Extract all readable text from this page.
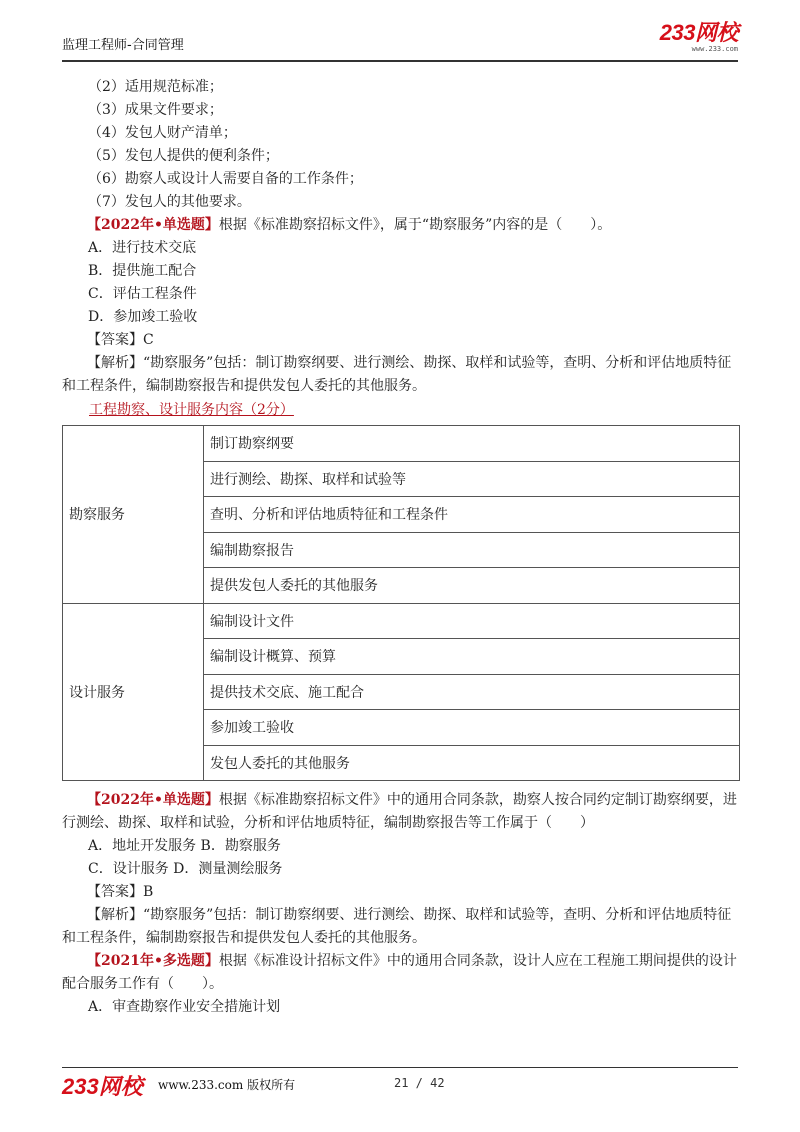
监理工程师-合同管理
233网校
www.233.com
（2）适用规范标准；
（3）成果文件要求；
（4）发包人财产清单；
（5）发包人提供的便利条件；
（6）勘察人或设计人需要自备的工作条件；
（7）发包人的其他要求。
【2022年•单选题】根据《标准勘察招标文件》，属于“勘察服务”内容的是（　　）。
A．进行技术交底
B．提供施工配合
C．评估工程条件
D．参加竣工验收
【答案】C
【解析】“勘察服务”包括：制订勘察纲要、进行测绘、勘探、取样和试验等，查明、分析和评估地质特征和工程条件，编制勘察报告和提供发包人委托的其他服务。
工程勘察、设计服务内容（2分）
勘察服务	制订勘察纲要
	进行测绘、勘探、取样和试验等
	查明、分析和评估地质特征和工程条件
	编制勘察报告
	提供发包人委托的其他服务
设计服务	编制设计文件
	编制设计概算、预算
	提供技术交底、施工配合
	参加竣工验收
	发包人委托的其他服务
【2022年•单选题】根据《标准勘察招标文件》中的通用合同条款，勘察人按合同约定制订勘察纲要，进行测绘、勘探、取样和试验，分析和评估地质特征，编制勘察报告等工作属于（　　）
A．地址开发服务 B．勘察服务
C．设计服务 D．测量测绘服务
【答案】B
【解析】“勘察服务”包括：制订勘察纲要、进行测绘、勘探、取样和试验等，查明、分析和评估地质特征和工程条件，编制勘察报告和提供发包人委托的其他服务。
【2021年•多选题】根据《标准设计招标文件》中的通用合同条款，设计人应在工程施工期间提供的设计配合服务工作有（　　）。
A．审查勘察作业安全措施计划
233网校 www.233.com 版权所有	21 / 42
